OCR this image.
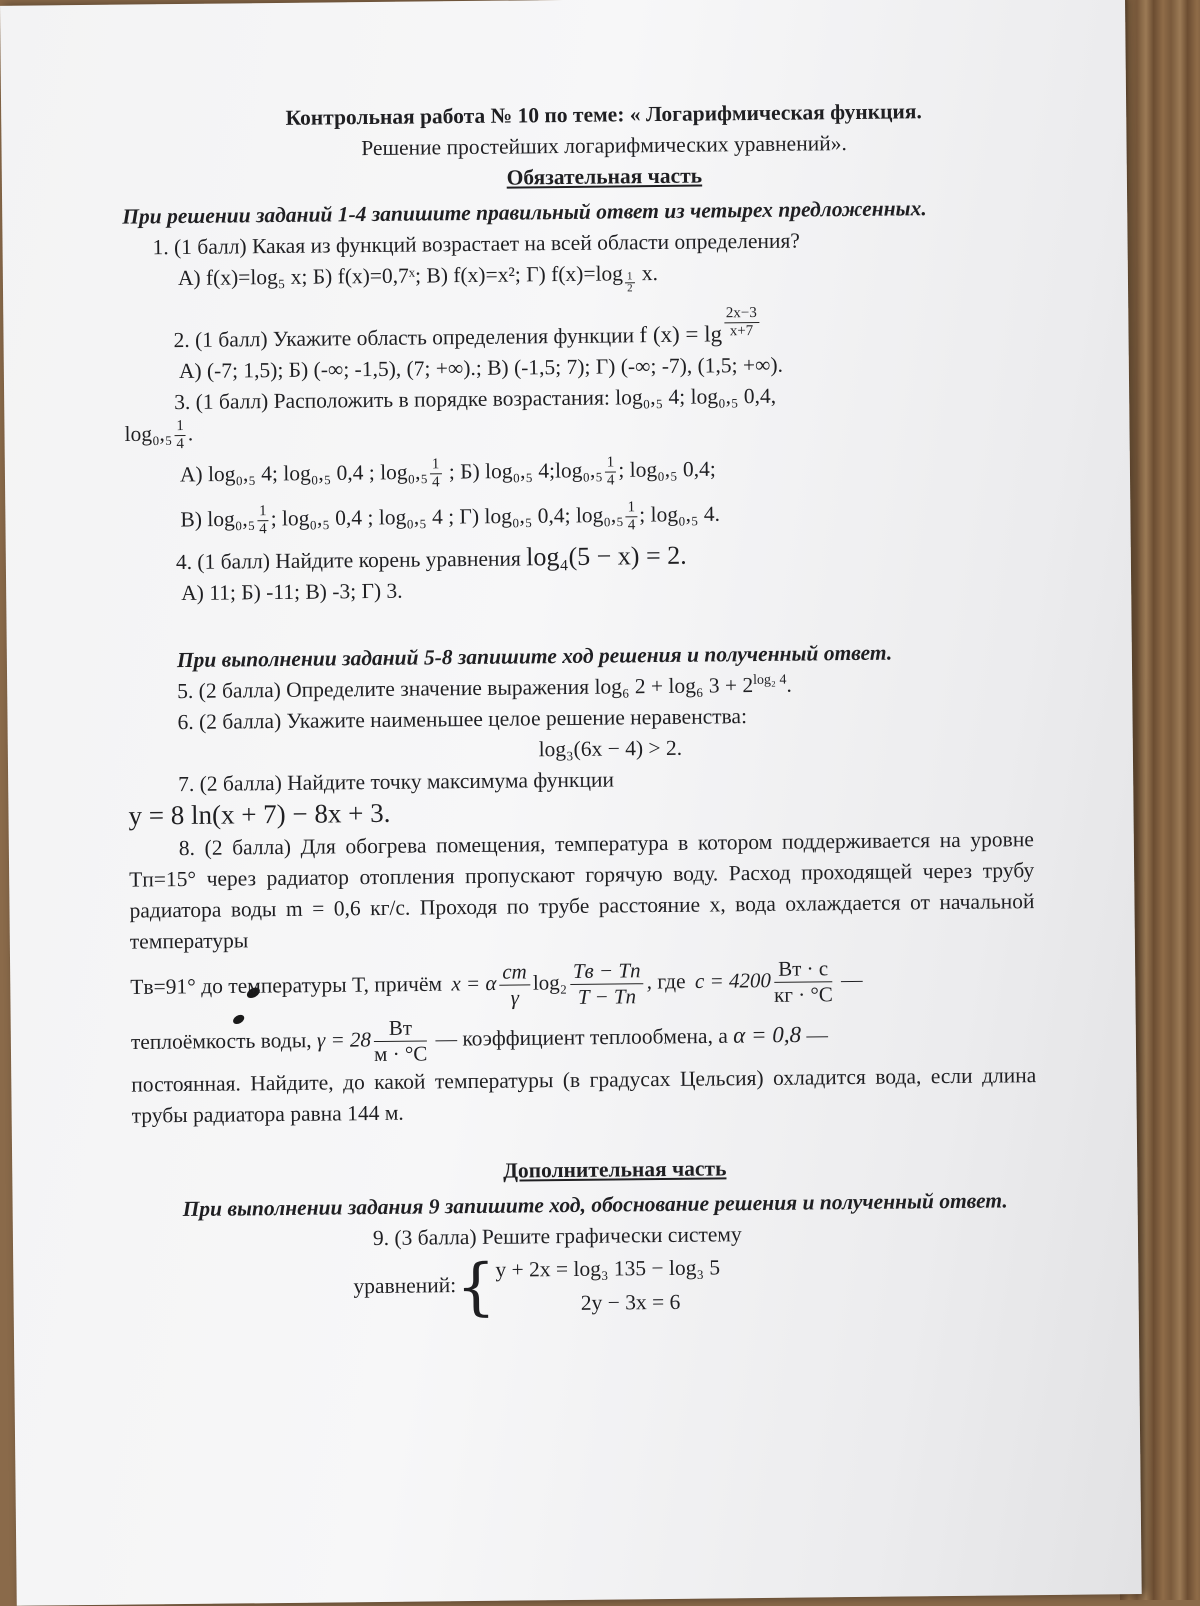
Контрольная работа № 10 по теме: « Логарифмическая функция.

Решение простейших логарифмических уравнений».

Обязательная часть

При решении заданий 1-4 запишите правильный ответ из четырех предложенных.

1. (1 балл) Какая из функций возрастает на всей области определения?

А) f(x)=log₅ x; Б) f(x)=0,7ˣ; В) f(x)=x²; Г) f(x)=log $_{\frac{1}{2}}$ x.

2. (1 балл) Укажите область определения функции f $(x) = \lg \frac{2x-3}{x+7}$

А) (-7; 1,5); Б) (-∞; -1,5), (7; +∞).; В) (-1,5; 7); Г) (-∞; -7), (1,5; +∞).

3. (1 балл) Расположить в порядке возрастания: log₀,₅ 4; log₀,₅ 0,4,

$\log_0,_5 \frac{1}{4}$ .

А) log₀,₅ 4; log₀,₅ 0,4 ; $\log_0,_5 \frac{1}{4}$ ; Б) log₀,₅ 4;log₀,₅ $\frac{1}{4}$ ; log₀,₅ 0,4;

В) $\log_0,_5 \frac{1}{4}$ ; log₀,₅ 0,4 ; log₀,₅ 4 ; Г) log₀,₅ 0,4; $\log_0,_5 \frac{1}{4}$ ; log₀,₅ 4.

4. (1 балл) Найдите корень уравнения log₄(5 − x) = 2.

А) 11; Б) -11; В) -3; Г) 3.

При выполнении заданий 5-8 запишите ход решения и полученный ответ.

5. (2 балла) Определите значение выражения log₆ 2 + log₆ $3 + 2^{log_2 4}$.

6. (2 балла) Укажите наименьшее целое решение неравенства:

log₃(6x − 4) > 2.

7. (2 балла) Найдите точку максимума функции

y = 8 ln(x + 7) − 8x + 3.

8. (2 балла) Для обогрева помещения, температура в котором поддерживается на уровне Tп=15° через радиатор отопления пропускают горячую воду. Расход проходящей через трубу радиатора воды m = 0,6 кг/с. Проходя по трубе расстояние x, вода охлаждается от начальной температуры

Tв=91° до температуры T, причём x = α $\frac{cm}{\gamma} \log_2$ Tв − Tп
T − Tп
, где c = 4200 Вт · с
кг · °C
—

теплоёмкость воды, γ = 28 Вт
м · °C
— коэффициент теплообмена, а α = 0,8 —

постоянная. Найдите, до какой температуры (в градусах Цельсия) охладится вода, если длина трубы радиатора равна 144 м.

Дополнительная часть

При выполнении задания 9 запишите ход, обоснование решения и полученный ответ.

9. (3 балла) Решите графически систему

уравнений:{ y + 2x = log₃ 135 − log₃ 5
2y − 3x = 6
